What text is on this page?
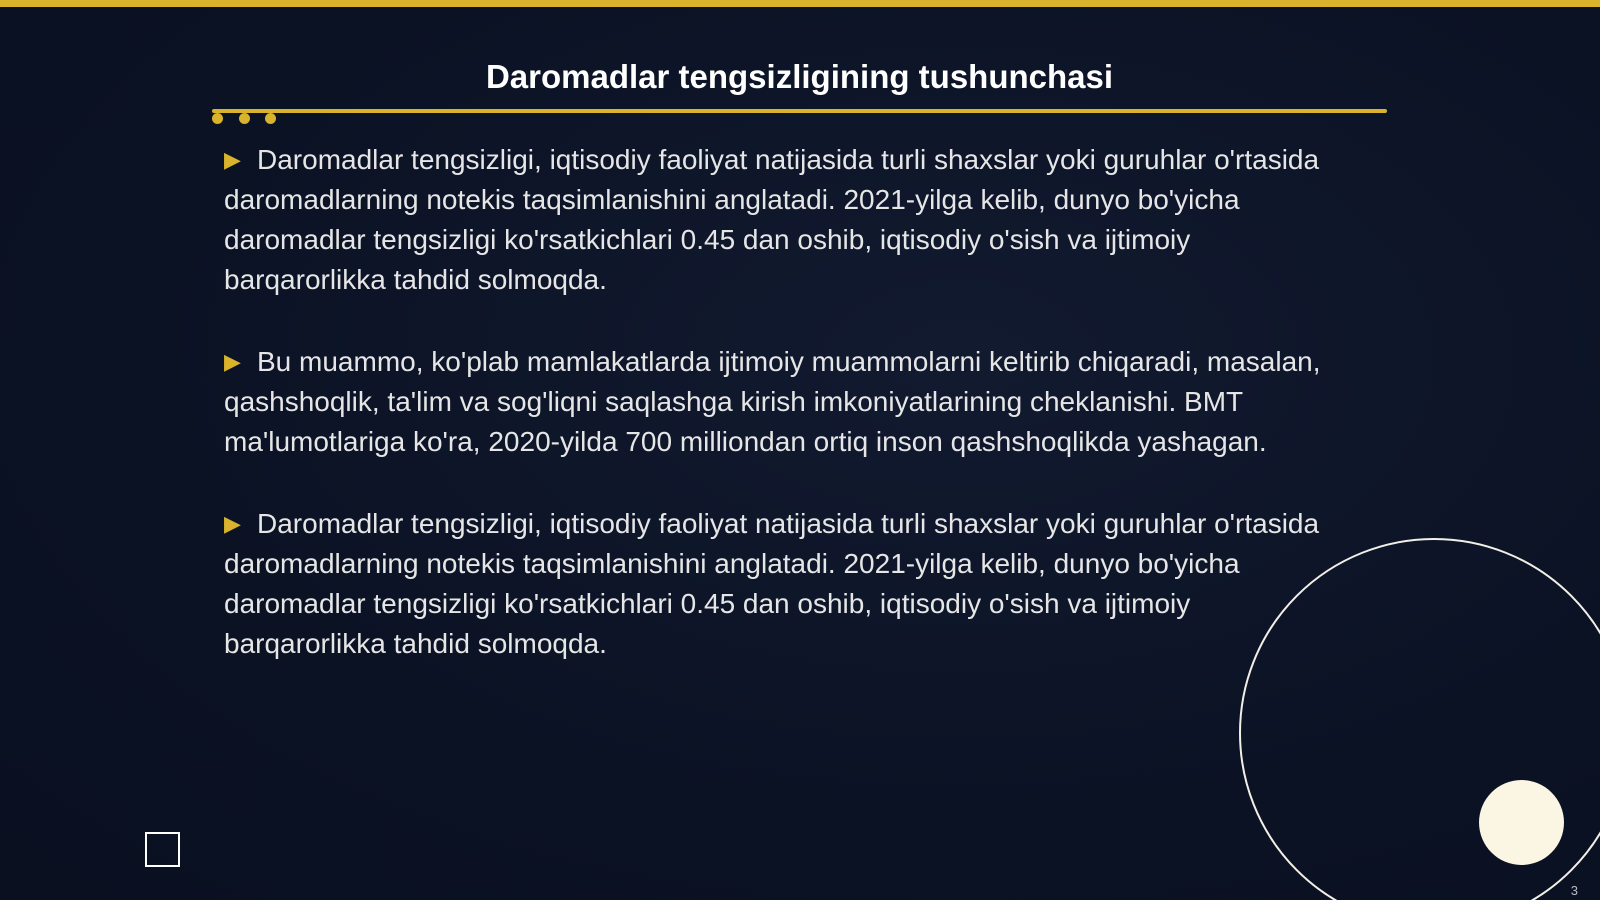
Daromadlar tengsizligining tushunchasi

▶ Daromadlar tengsizligi, iqtisodiy faoliyat natijasida turli shaxslar yoki guruhlar o'rtasida daromadlarning notekis taqsimlanishini anglatadi. 2021-yilga kelib, dunyo bo'yicha daromadlar tengsizligi ko'rsatkichlari 0.45 dan oshib, iqtisodiy o'sish va ijtimoiy barqarorlikka tahdid solmoqda.

▶ Bu muammo, ko'plab mamlakatlarda ijtimoiy muammolarni keltirib chiqaradi, masalan, qashshoqlik, ta'lim va sog'liqni saqlashga kirish imkoniyatlarining cheklanishi. BMT ma'lumotlariga ko'ra, 2020-yilda 700 milliondan ortiq inson qashshoqlikda yashagan.

▶ Daromadlar tengsizligi, iqtisodiy faoliyat natijasida turli shaxslar yoki guruhlar o'rtasida daromadlarning notekis taqsimlanishini anglatadi. 2021-yilga kelib, dunyo bo'yicha daromadlar tengsizligi ko'rsatkichlari 0.45 dan oshib, iqtisodiy o'sish va ijtimoiy barqarorlikka tahdid solmoqda.

3
